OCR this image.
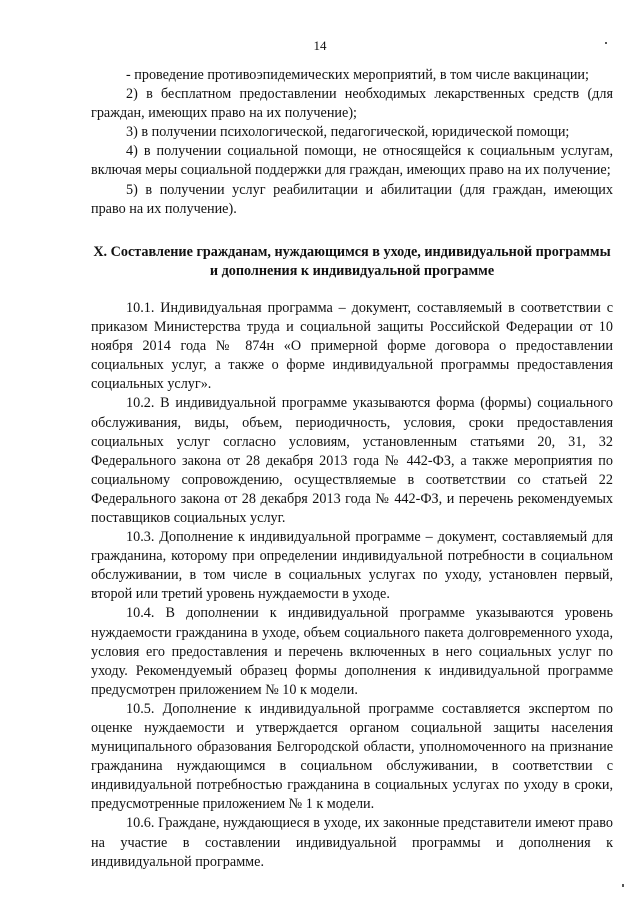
14

- проведение противоэпидемических мероприятий, в том числе вакцинации;

2) в бесплатном предоставлении необходимых лекарственных средств (для граждан, имеющих право на их получение);

3) в получении психологической, педагогической, юридической помощи;

4) в получении социальной помощи, не относящейся к социальным услугам, включая меры социальной поддержки для граждан, имеющих право на их получение;

5) в получении услуг реабилитации и абилитации (для граждан, имеющих право на их получение).

X. Составление гражданам, нуждающимся в уходе, индивидуальной программы и дополнения к индивидуальной программе

10.1. Индивидуальная программа – документ, составляемый в соответствии с приказом Министерства труда и социальной защиты Российской Федерации от 10 ноября 2014 года № 874н «О примерной форме договора о предоставлении социальных услуг, а также о форме индивидуальной программы предоставления социальных услуг».

10.2. В индивидуальной программе указываются форма (формы) социального обслуживания, виды, объем, периодичность, условия, сроки предоставления социальных услуг согласно условиям, установленным статьями 20, 31, 32 Федерального закона от 28 декабря 2013 года № 442-ФЗ, а также мероприятия по социальному сопровождению, осуществляемые в соответствии со статьей 22 Федерального закона от 28 декабря 2013 года № 442-ФЗ, и перечень рекомендуемых поставщиков социальных услуг.

10.3. Дополнение к индивидуальной программе – документ, составляемый для гражданина, которому при определении индивидуальной потребности в социальном обслуживании, в том числе в социальных услугах по уходу, установлен первый, второй или третий уровень нуждаемости в уходе.

10.4. В дополнении к индивидуальной программе указываются уровень нуждаемости гражданина в уходе, объем социального пакета долговременного ухода, условия его предоставления и перечень включенных в него социальных услуг по уходу. Рекомендуемый образец формы дополнения к индивидуальной программе предусмотрен приложением № 10 к модели.

10.5. Дополнение к индивидуальной программе составляется экспертом по оценке нуждаемости и утверждается органом социальной защиты населения муниципального образования Белгородской области, уполномоченного на признание гражданина нуждающимся в социальном обслуживании, в соответствии с индивидуальной потребностью гражданина в социальных услугах по уходу в сроки, предусмотренные приложением № 1 к модели.

10.6. Граждане, нуждающиеся в уходе, их законные представители имеют право на участие в составлении индивидуальной программы и дополнения к индивидуальной программе.
